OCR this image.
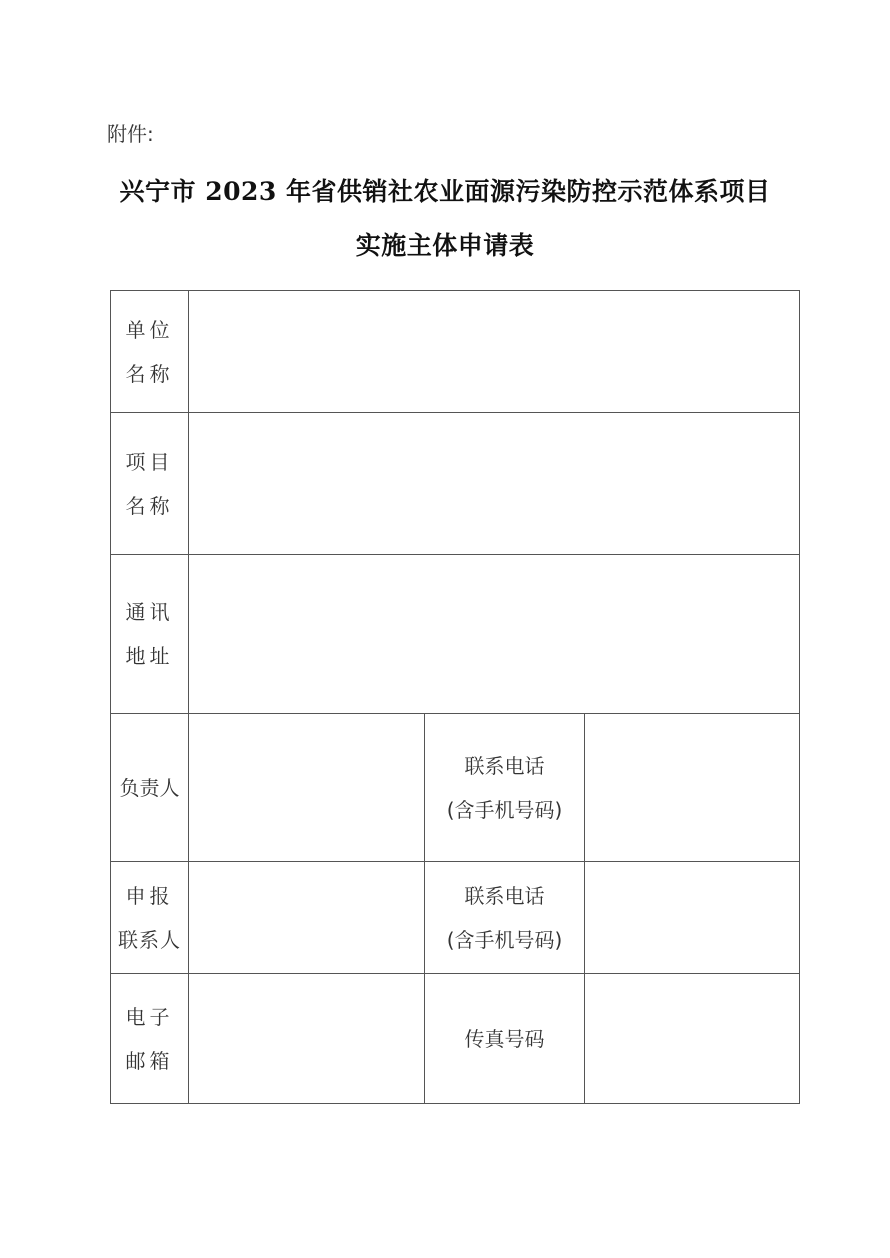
附件:
兴宁市 2023 年省供销社农业面源污染防控示范体系项目
实施主体申请表
单位
名称			

项目
名称			

通讯
地址			

负责人		联系电话
(含手机号码)	

申报
联系人		联系电话
(含手机号码)	

电子
邮箱		传真号码	
